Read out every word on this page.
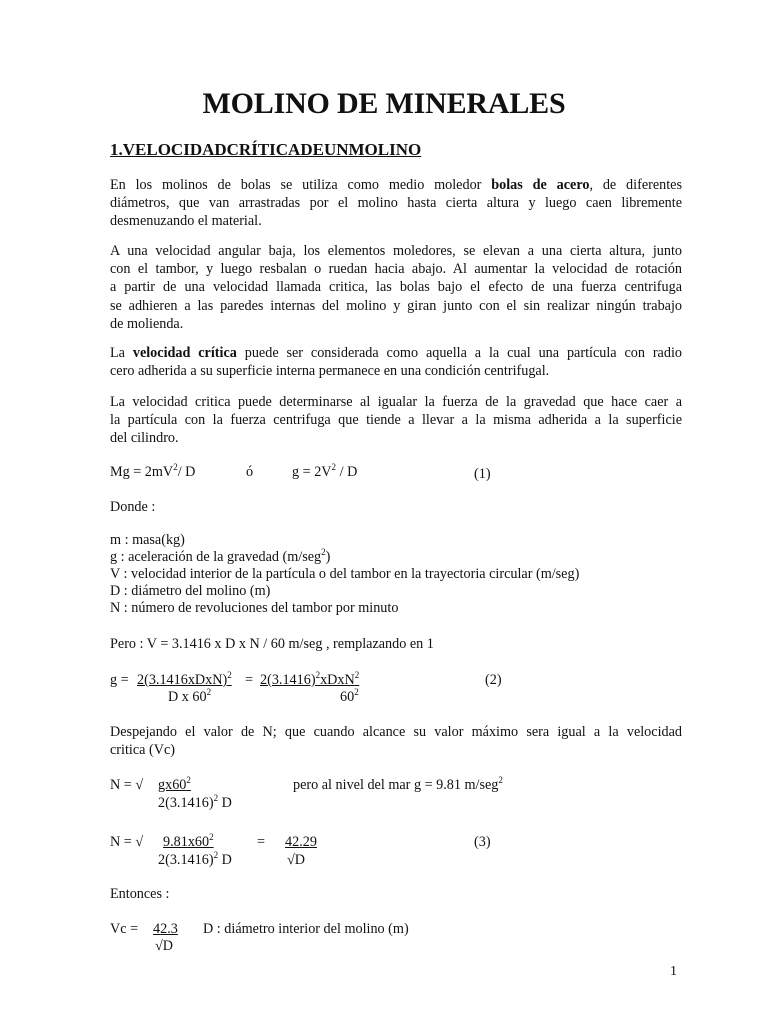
MOLINO DE MINERALES
1.VELOCIDADCRÍTICADEUNMOLINO
En los molinos de bolas se utiliza como medio moledor bolas de acero, de diferentes
diámetros, que van arrastradas por el molino hasta cierta altura y luego caen libremente
desmenuzando el material.
A una velocidad angular baja, los elementos moledores, se elevan a una cierta altura, junto
con el tambor, y luego resbalan o ruedan hacia abajo. Al aumentar la velocidad de rotación
a partir de una velocidad llamada critica, las bolas bajo el efecto de una fuerza centrifuga
se adhieren a las paredes internas del molino y giran junto con el sin realizar ningún trabajo
de molienda.
La velocidad crítica puede ser considerada como aquella a la cual una partícula con radio
cero adherida a su superficie interna permanece en una condición centrifugal.
La velocidad critica puede determinarse al igualar la fuerza de la gravedad que hace caer a
la partícula con la fuerza centrifuga que tiende a llevar a la misma adherida a la superficie
del cilindro.
$Mg = 2mV^2/$ D	ó	$g = 2V^2 / D$	(1)
Donde :
m : masa(kg)
g : aceleración de la gravedad (m/seg$^2$)
V : velocidad interior de la partícula o del tambor en la trayectoria circular (m/seg)
D : diámetro del molino (m)
N : número de revoluciones del tambor por minuto
Pero : V = 3.1416 x D x N / 60 m/seg , remplazando en 1
g = 2(3.1416xDxN)$^2$ = $2(3.1416)^2xDxN^2$
D x $60^2$	$60^2$
(2)
Despejando el valor de N; que cuando alcance su valor máximo sera igual a la velocidad
critica (Vc)
N = √ $gx60^2$
$2(3.1416)^2$ D
pero al nivel del mar g = 9.81 m/seg$^2$
N = √ $9.81x60^2$
$2(3.1416)^2$ D
= 42.29
√D
(3)
Entonces :
Vc = 42.3
√D
D : diámetro interior del molino (m)
1
